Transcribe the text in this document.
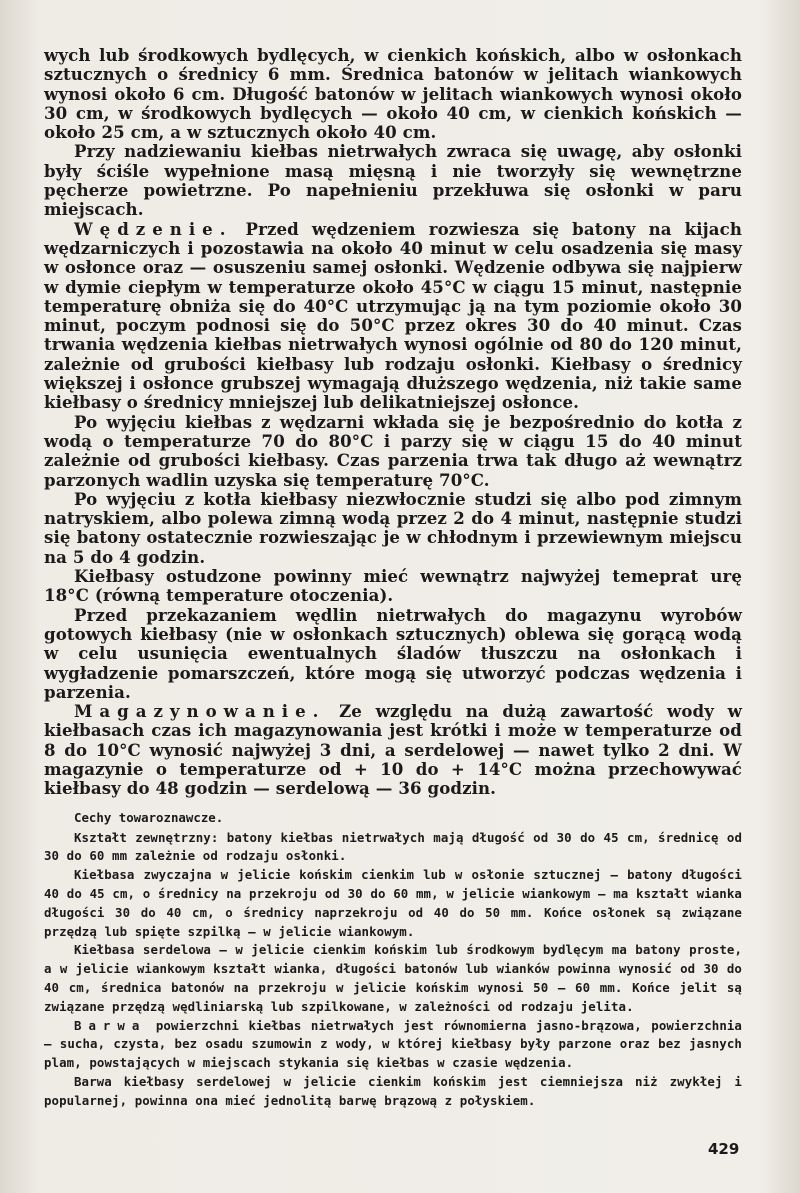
wych lub środkowych bydlęcych, w cienkich końskich, albo w osłonkach sztucznych o średnicy 6 mm. Średnica batonów w jelitach wiankowych wynosi około 6 cm. Długość batonów w jelitach wiankowych wynosi około 30 cm, w środkowych bydlęcych — około 40 cm, w cienkich końskich — około 25 cm, a w sztucznych około 40 cm.

Przy nadziewaniu kiełbas nietrwałych zwraca się uwagę, aby osłonki były ściśle wypełnione masą mięsną i nie tworzyły się wewnętrzne pęcherze powietrzne. Po napełnieniu przekłuwa się osłonki w paru miejscach.

Wędzenie. Przed wędzeniem rozwiesza się batony na kijach wędzarniczych i pozostawia na około 40 minut w celu osadzenia się masy w osłonce oraz — osuszeniu samej osłonki. Wędzenie odbywa się najpierw w dymie ciepłym w temperaturze około 45°C w ciągu 15 minut, następnie temperaturę obniża się do 40°C utrzymując ją na tym poziomie około 30 minut, poczym podnosi się do 50°C przez okres 30 do 40 minut. Czas trwania wędzenia kiełbas nietrwałych wynosi ogólnie od 80 do 120 minut, zależnie od grubości kiełbasy lub rodzaju osłonki. Kiełbasy o średnicy większej i osłonce grubszej wymagają dłuższego wędzenia, niż takie same kiełbasy o średnicy mniejszej lub delikatniejszej osłonce.

Po wyjęciu kiełbas z wędzarni wkłada się je bezpośrednio do kotła z wodą o temperaturze 70 do 80°C i parzy się w ciągu 15 do 40 minut zależnie od grubości kiełbasy. Czas parzenia trwa tak długo aż wewnątrz parzonych wadlin uzyska się temperaturę 70°C.

Po wyjęciu z kotła kiełbasy niezwłocznie studzi się albo pod zimnym natryskiem, albo polewa zimną wodą przez 2 do 4 minut, następnie studzi się batony ostatecznie rozwieszając je w chłodnym i przewiewnym miejscu na 5 do 4 godzin.

Kiełbasy ostudzone powinny mieć wewnątrz najwyżej temeprat urę 18°C (równą temperature otoczenia).

Przed przekazaniem wędlin nietrwałych do magazynu wyrobów gotowych kiełbasy (nie w osłonkach sztucznych) oblewa się gorącą wodą w celu usunięcia ewentualnych śladów tłuszczu na osłonkach i wygładzenie pomarszczeń, które mogą się utworzyć podczas wędzenia i parzenia.

Magazynowanie. Ze względu na dużą zawartość wody w kiełbasach czas ich magazynowania jest krótki i może w temperaturze od 8 do 10°C wynosić najwyżej 3 dni, a serdelowej — nawet tylko 2 dni. W magazynie o temperaturze od + 10 do + 14°C można przechowywać kiełbasy do 48 godzin — serdelową — 36 godzin.

Cechy towaroznawcze.

Kształt zewnętrzny: batony kiełbas nietrwałych mają długość od 30 do 45 cm, średnicę od 30 do 60 mm zależnie od rodzaju osłonki.

Kiełbasa zwyczajna w jelicie końskim cienkim lub w osłonie sztucznej — batony długości 40 do 45 cm, o średnicy na przekroju od 30 do 60 mm, w jelicie wiankowym — ma kształt wianka długości 30 do 40 cm, o średnicy naprzekroju od 40 do 50 mm. Końce osłonek są związane przędzą lub spięte szpilką — w jelicie wiankowym.

Kiełbasa serdelowa — w jelicie cienkim końskim lub środkowym bydlęcym ma batony proste, a w jelicie wiankowym kształt wianka, długości batonów lub wianków powinna wynosić od 30 do 40 cm, średnica batonów na przekroju w jelicie końskim wynosi 50 — 60 mm. Końce jelit są związane przędzą wędliniarską lub szpilkowane, w zależności od rodzaju jelita.

Barwa powierzchni kiełbas nietrwałych jest równomierna jasno-brązowa, powierzchnia — sucha, czysta, bez osadu szumowin z wody, w której kiełbasy były parzone oraz bez jasnych plam, powstających w miejscach stykania się kiełbas w czasie wędzenia.

Barwa kiełbasy serdelowej w jelicie cienkim końskim jest ciemniejsza niż zwykłej i popularnej, powinna ona mieć jednolitą barwę brązową z połyskiem.

429
